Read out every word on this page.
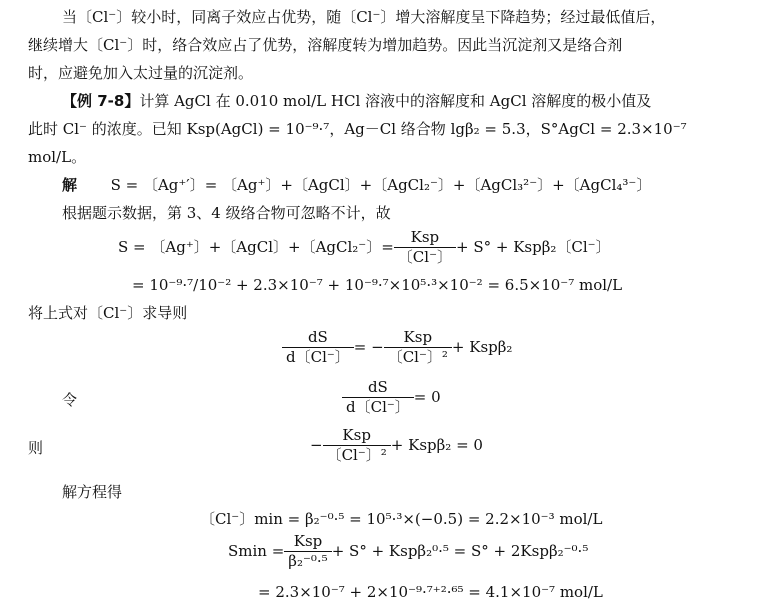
当〔Cl⁻〕较小时，同离子效应占优势，随〔Cl⁻〕增大溶解度呈下降趋势；经过最低值后，
继续增大〔Cl⁻〕时，络合效应占了优势，溶解度转为增加趋势。因此当沉淀剂又是络合剂
时，应避免加入太过量的沉淀剂。
【例 7-8】计算 AgCl 在 0.010 mol/L HCl 溶液中的溶解度和 AgCl 溶解度的极小值及
此时 Cl⁻ 的浓度。已知 Ksp(AgCl) = 10⁻⁹·⁷，Ag－Cl 络合物 lgβ₂ = 5.3，S°AgCl = 2.3×10⁻⁷
mol/L。
解 S = 〔Ag⁺′〕= 〔Ag⁺〕+〔AgCl〕+〔AgCl₂⁻〕+〔AgCl₃²⁻〕+〔AgCl₄³⁻〕
根据题示数据，第 3、4 级络合物可忽略不计，故
S = 〔Ag⁺〕+〔AgCl〕+〔AgCl₂⁻〕= $\frac{\text{Ksp}}{〔Cl^-〕} + S^\circ + Ksp\beta_2$〔Cl⁻〕
= 10⁻⁹·⁷/10⁻² + 2.3×10⁻⁷ + 10⁻⁹·⁷×10⁵·³×10⁻² = 6.5×10⁻⁷ mol/L
将上式对〔Cl⁻〕求导则
$\frac{dS}{d〔Cl^-〕}$ = − $\frac{\text{Ksp}}{\text{〔Cl⁻〕²}} + Ksp\beta_2$
令	$\frac{dS}{d〔Cl^-〕} = 0$
则	− $\frac{\text{Ksp}}{\text{〔Cl⁻〕²}} + Ksp\beta_2 = 0$
解方程得
〔Cl⁻〕min = β₂⁻⁰·⁵ = 10⁵·³×(−0.5) = 2.2×10⁻³ mol/L
$Smin = \frac{\text{Ksp}}{\text{β₂⁻⁰·⁵}} + S^\circ + Ksp\beta_2^0\cdot^5 = S^\circ + 2Ksp\beta_2^{-0}\cdot^5$
= 2.3×10⁻⁷ + 2×10⁻⁹·⁷⁺²·⁶⁵ = 4.1×10⁻⁷ mol/L
